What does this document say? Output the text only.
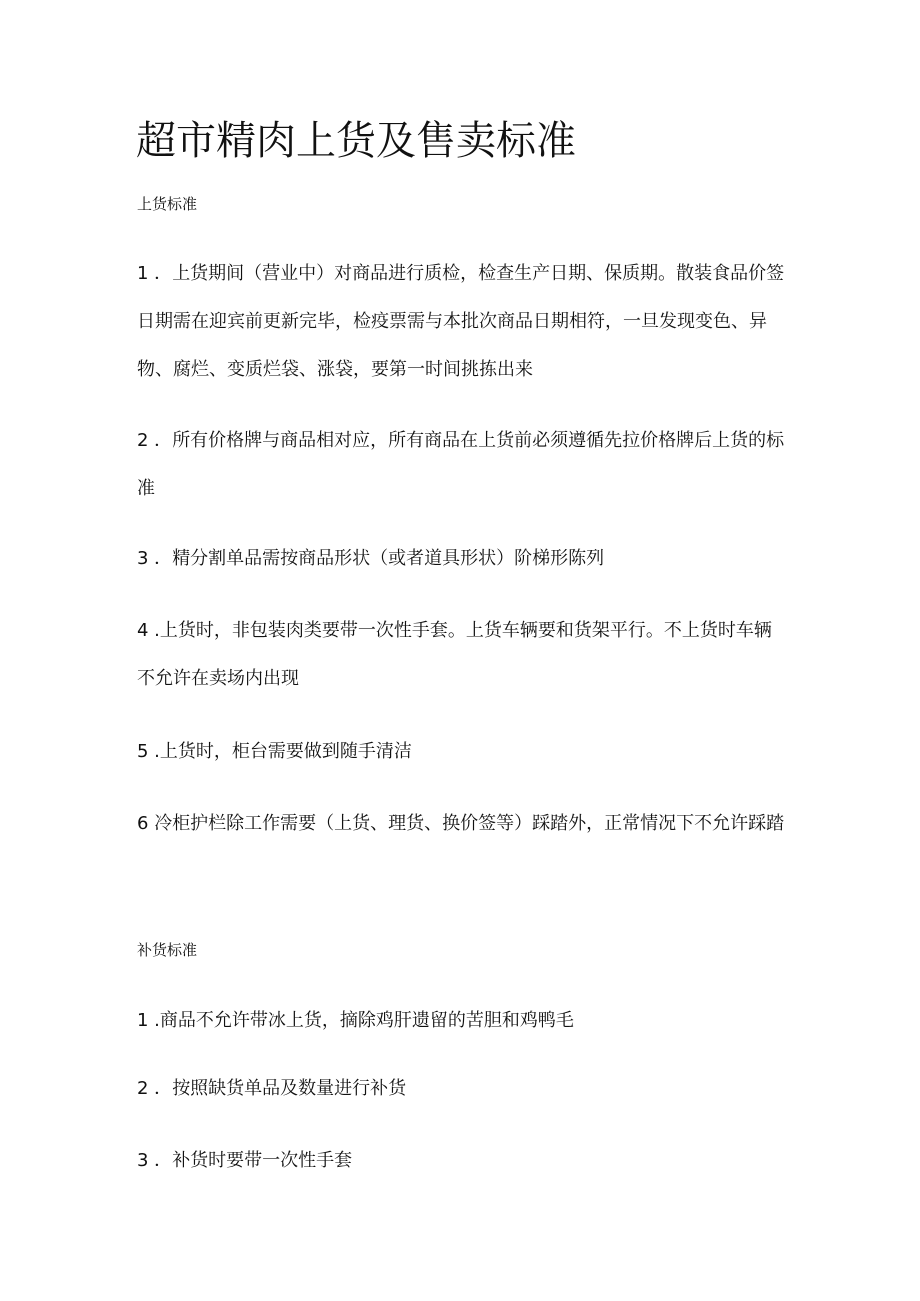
超市精肉上货及售卖标准
上货标准

1 ．上货期间（营业中）对商品进行质检，检查生产日期、保质期。散装食品价签日期需在迎宾前更新完毕，检疫票需与本批次商品日期相符，一旦发现变色、异物、腐烂、变质烂袋、涨袋，要第一时间挑拣出来

2 ．所有价格牌与商品相对应，所有商品在上货前必须遵循先拉价格牌后上货的标准

3 ．精分割单品需按商品形状（或者道具形状）阶梯形陈列

4 .上货时，非包装肉类要带一次性手套。上货车辆要和货架平行。不上货时车辆不允许在卖场内出现

5 .上货时，柜台需要做到随手清洁

6 冷柜护栏除工作需要（上货、理货、换价签等）踩踏外，正常情况下不允许踩踏

补货标准

1 .商品不允许带冰上货，摘除鸡肝遗留的苦胆和鸡鸭毛

2 ．按照缺货单品及数量进行补货

3 ．补货时要带一次性手套
